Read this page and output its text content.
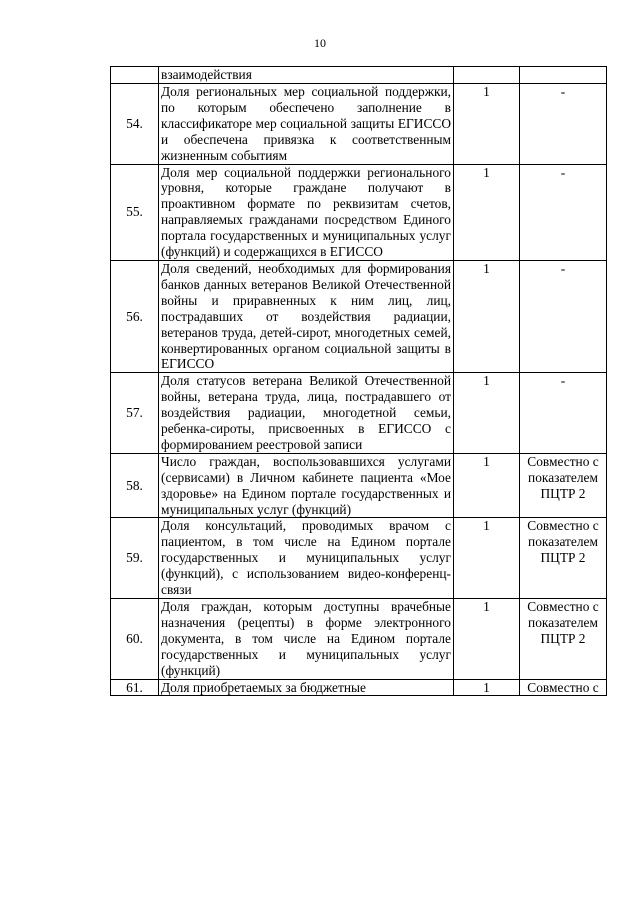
10
	взаимодействия		
54.	Доля региональных мер социальной поддержки, по которым обеспечено заполнение в классификаторе мер социальной защиты ЕГИССО и обеспечена привязка к соответственным жизненным событиям	1	-
55.	Доля мер социальной поддержки регионального уровня, которые граждане получают в проактивном формате по реквизитам счетов, направляемых гражданами посредством Единого портала государственных и муниципальных услуг (функций) и содержащихся в ЕГИССО	1	-
56.	Доля сведений, необходимых для формирования банков данных ветеранов Великой Отечественной войны и приравненных к ним лиц, лиц, пострадавших от воздействия радиации, ветеранов труда, детей-сирот, многодетных семей, конвертированных органом социальной защиты в ЕГИССО	1	-
57.	Доля статусов ветерана Великой Отечественной войны, ветерана труда, лица, пострадавшего от воздействия радиации, многодетной семьи, ребенка-сироты, присвоенных в ЕГИССО с формированием реестровой записи	1	-
58.	Число граждан, воспользовавшихся услугами (сервисами) в Личном кабинете пациента «Мое здоровье» на Едином портале государственных и муниципальных услуг (функций)	1	Совместно с показателем ПЦТР 2
59.	Доля консультаций, проводимых врачом с пациентом, в том числе на Едином портале государственных и муниципальных услуг (функций), с использованием видео-конференц-связи	1	Совместно с показателем ПЦТР 2
60.	Доля граждан, которым доступны врачебные назначения (рецепты) в форме электронного документа, в том числе на Едином портале государственных и муниципальных услуг (функций)	1	Совместно с показателем ПЦТР 2
61.	Доля приобретаемых за бюджетные	1	Совместно с
